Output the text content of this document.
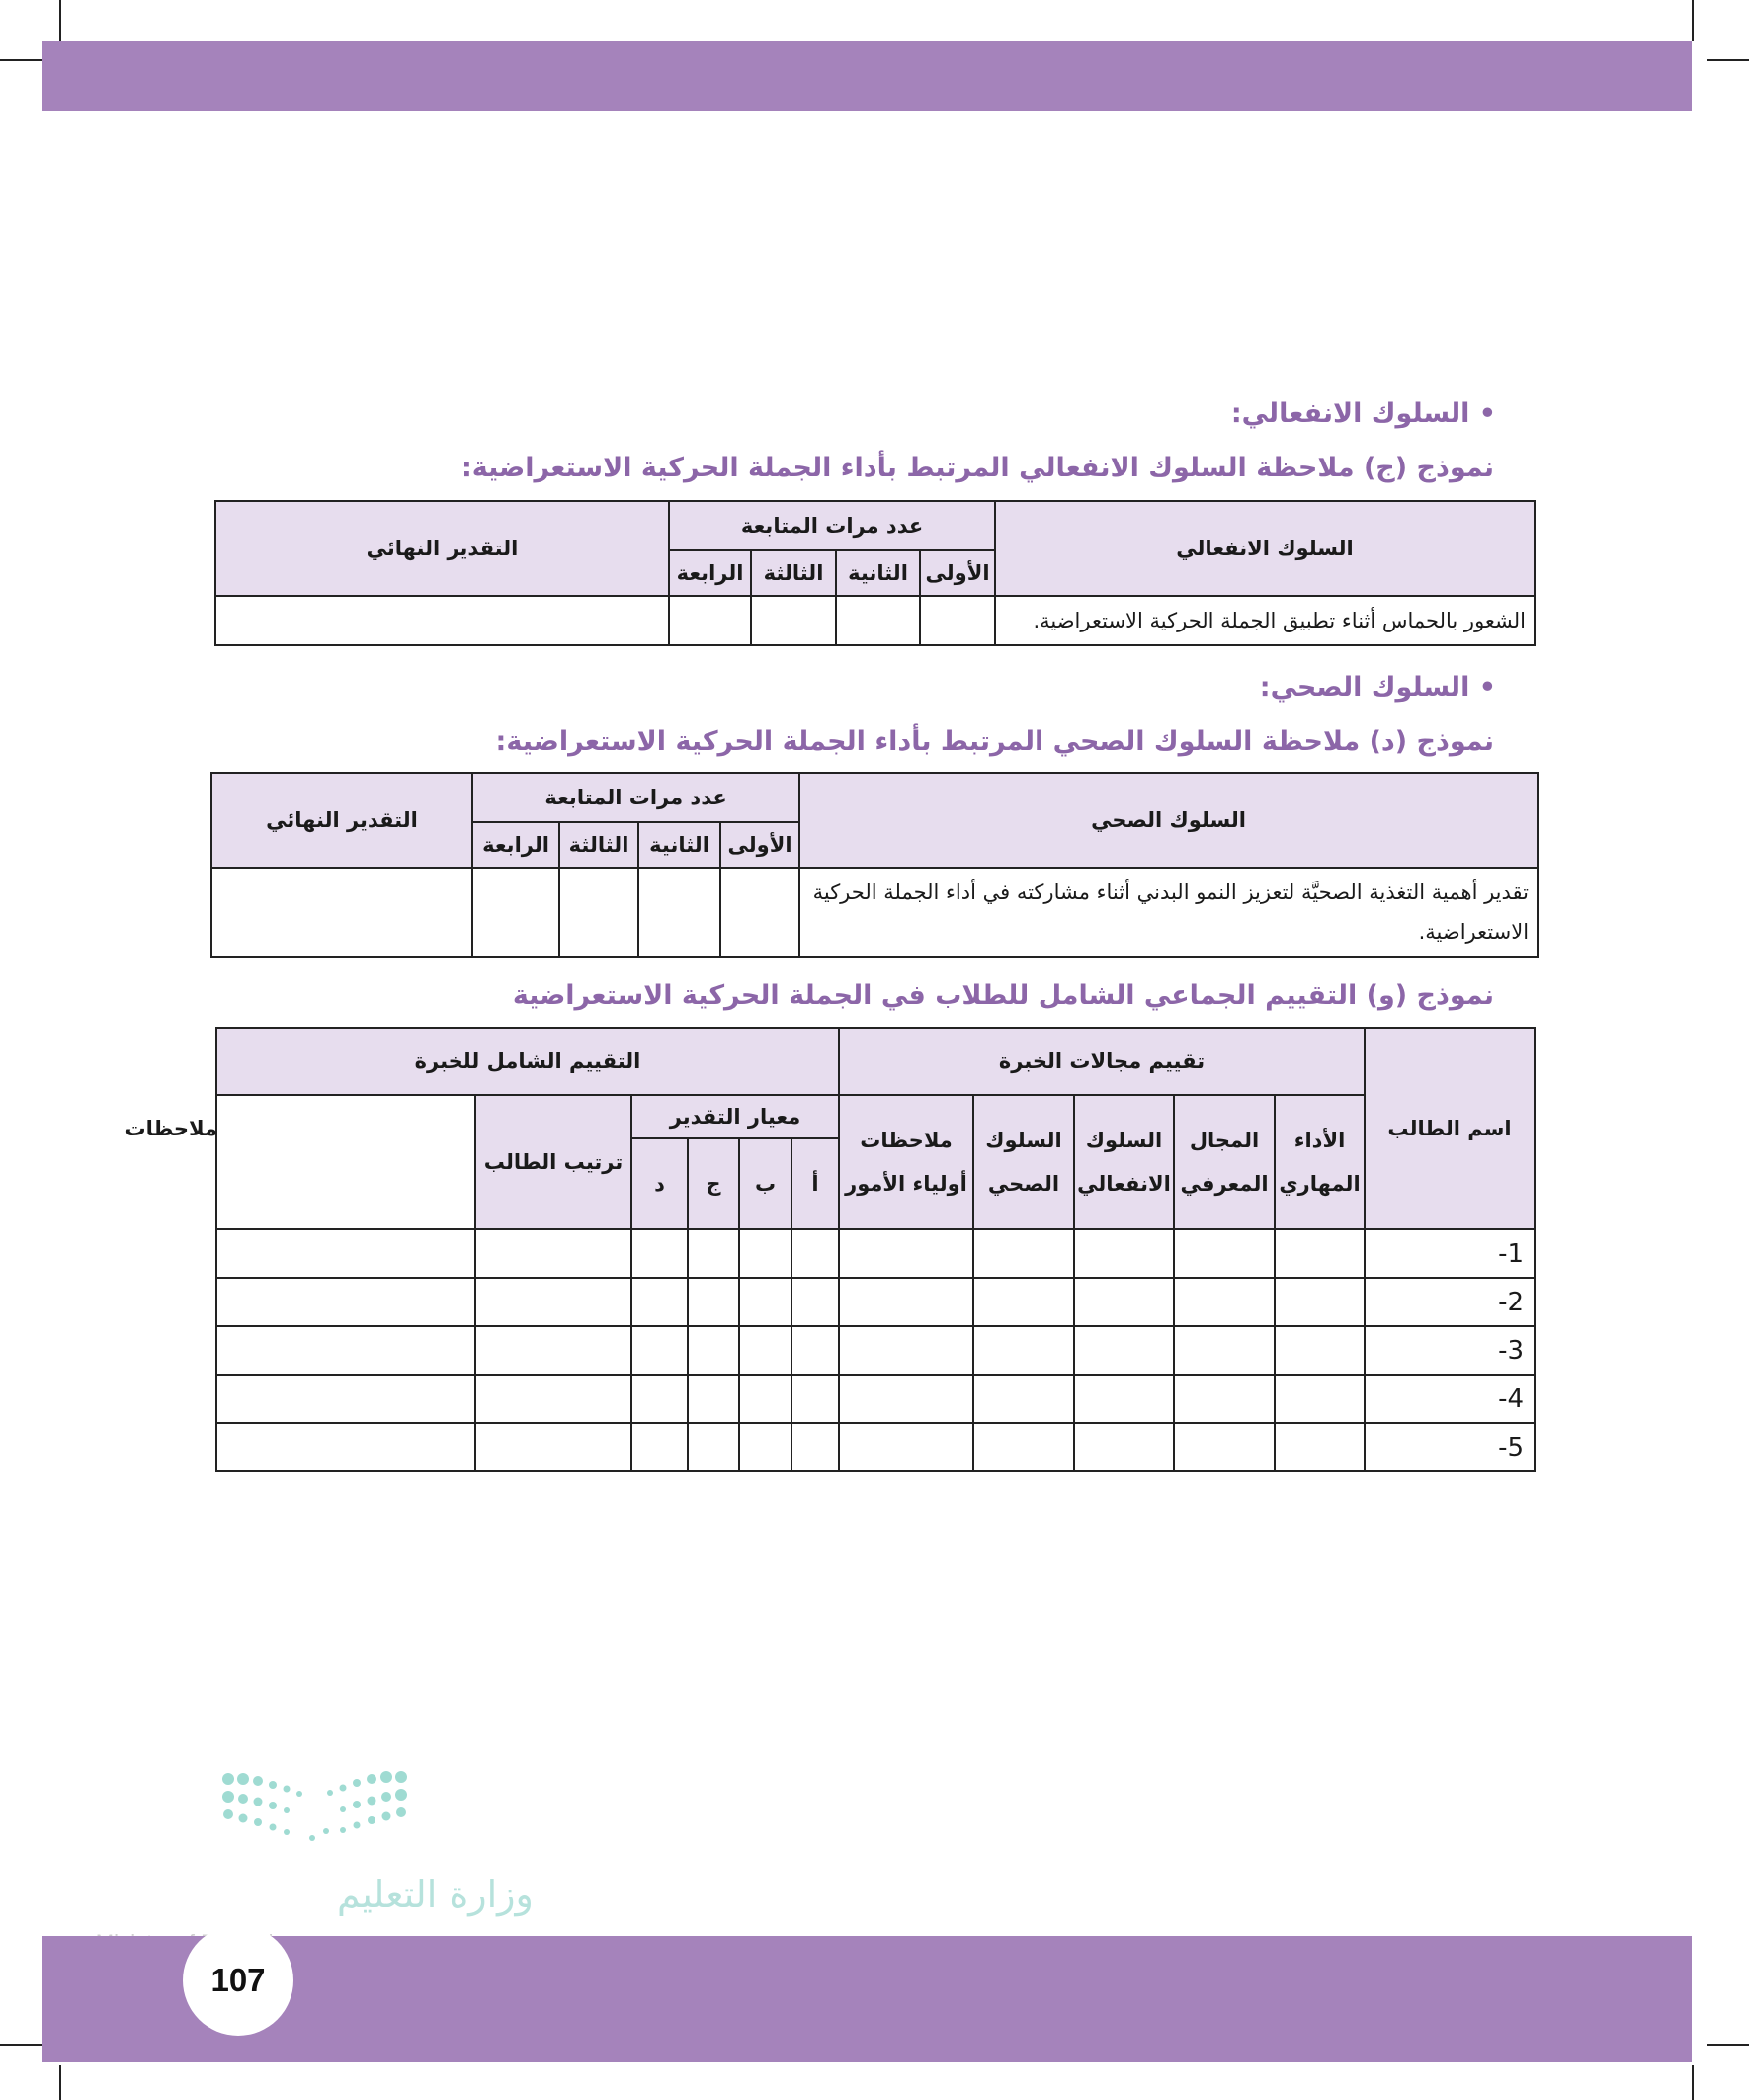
• السلوك الانفعالي:
نموذج (ج) ملاحظة السلوك الانفعالي المرتبط بأداء الجملة الحركية الاستعراضية:
السلوك الانفعالي	عدد مرات المتابعة				التقدير النهائي
	الأولى	الثانية	الثالثة	الرابعة	
الشعور بالحماس أثناء تطبيق الجملة الحركية الاستعراضية.					
• السلوك الصحي:
نموذج (د) ملاحظة السلوك الصحي المرتبط بأداء الجملة الحركية الاستعراضية:
السلوك الصحي	عدد مرات المتابعة				التقدير النهائي
	الأولى	الثانية	الثالثة	الرابعة	
تقدير أهمية التغذية الصحيَّة لتعزيز النمو البدني أثناء مشاركته في أداء الجملة الحركية الاستعراضية.					
نموذج (و) التقييم الجماعي الشامل للطلاب في الجملة الحركية الاستعراضية
اسم الطالب	تقييم مجالات الخبرة					التقييم الشامل للخبرة						ملاحظات
	الأداء المهاري	المجال المعرفي	السلوك الانفعالي	السلوك الصحي	ملاحظات أولياء الأمور	معيار التقدير				ترتيب الطالب		
						أ	ب	ج	د			
1-												
2-												
3-												
4-												
5-												
وزارة التعليم
107
